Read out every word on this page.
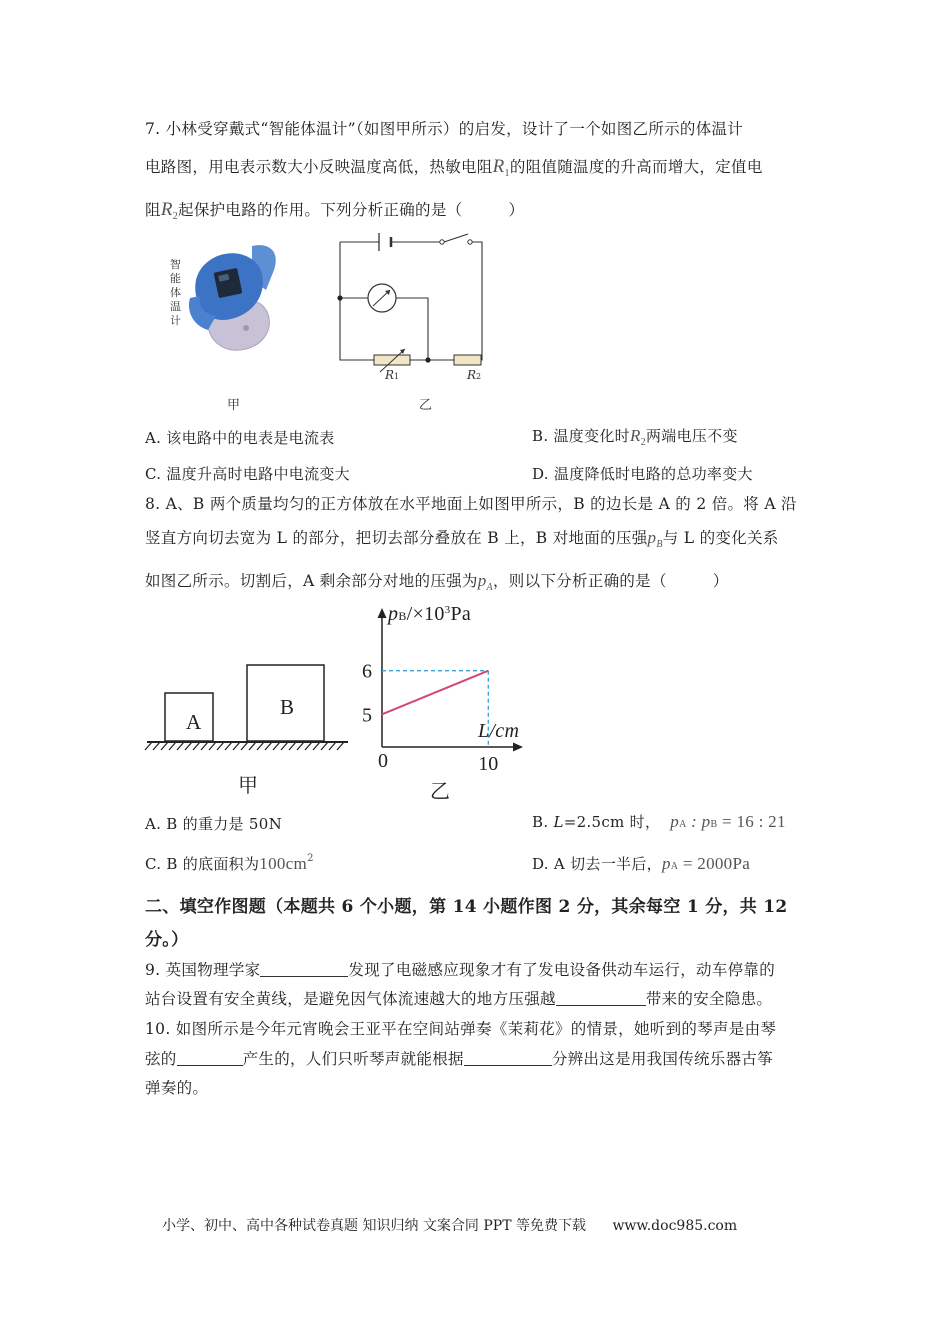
7. 小林受穿戴式“智能体温计”（如图甲所示）的启发，设计了一个如图乙所示的体温计
电路图，用电表示数大小反映温度高低，热敏电阻$R_1$的阻值随温度的升高而增大，定值电
阻$R_2$起保护电路的作用。下列分析正确的是（	）
智能体温计
甲
R1	R2
乙
A. 该电路中的电表是电流表	B. 温度变化时$R_2$两端电压不变
C. 温度升高时电路中电流变大	D. 温度降低时电路的总功率变大
8. A、B 两个质量均匀的正方体放在水平地面上如图甲所示，B 的边长是 A 的 2 倍。将 A 沿
竖直方向切去宽为 L 的部分，把切去部分叠放在 B 上，B 对地面的压强$p_B$与 L 的变化关系
如图乙所示。切割后，A 剩余部分对地的压强为$p_A$，则以下分析正确的是（	）
A
B
甲
5
6
10
$pB/\times 10^3Pa$
L/cm
0
乙
A. B 的重力是 50N	B. L=2.5cm 时， pA : pB = 16 : 21
C. B 的底面积为$100cm^2$	D. A 切去一半后，pA = 2000Pa
二、填空作图题（本题共 6 个小题，第 14 小题作图 2 分，其余每空 1 分，共 12
分。）
9. 英国物理学家	发现了电磁感应现象才有了发电设备供动车运行，动车停靠的
站台设置有安全黄线，是避免因气体流速越大的地方压强越	带来的安全隐患。
10. 如图所示是今年元宵晚会王亚平在空间站弹奏《茉莉花》的情景，她听到的琴声是由琴
弦的	产生的，人们只听琴声就能根据	分辨出这是用我国传统乐器古筝
弹奏的。
小学、初中、高中各种试卷真题 知识归纳 文案合同 PPT 等免费下载 www.doc985.com
